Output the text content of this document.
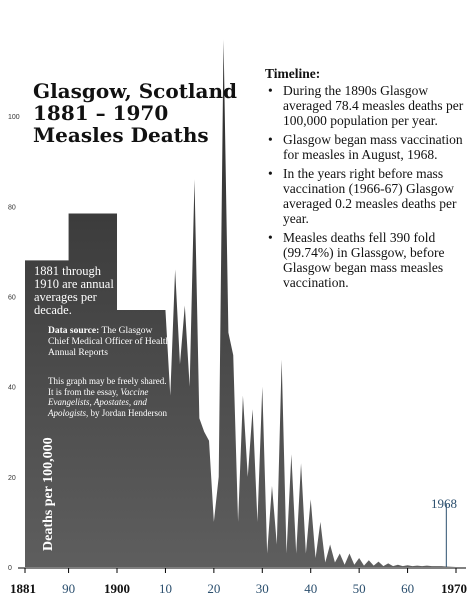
0
20
40
60
80
100
1881 90 1900 10	20	30	40	50	60 1970
Glasgow, Scotland
1881 – 1970
Measles Deaths
Timeline:
• During the 1890s Glasgow averaged 78.4 measles deaths per 100,000 population per year.
• Glasgow began mass vaccination for measles in August, 1968.
• In the years right before mass vaccination (1966-67) Glasgow averaged 0.2 measles deaths per year.
• Measles deaths fell 390 fold (99.74%) in Glassgow, before Glasgow began mass measles vaccination.
1881 through 1910 are annual averages per decade.
Data source: The Glasgow Chief Medical Officer of Health Annual Reports
This graph may be freely shared. It is from the essay, Vaccine Evangelists, Apostates, and Apologists, by Jordan Henderson
Deaths per 100,000	1968
